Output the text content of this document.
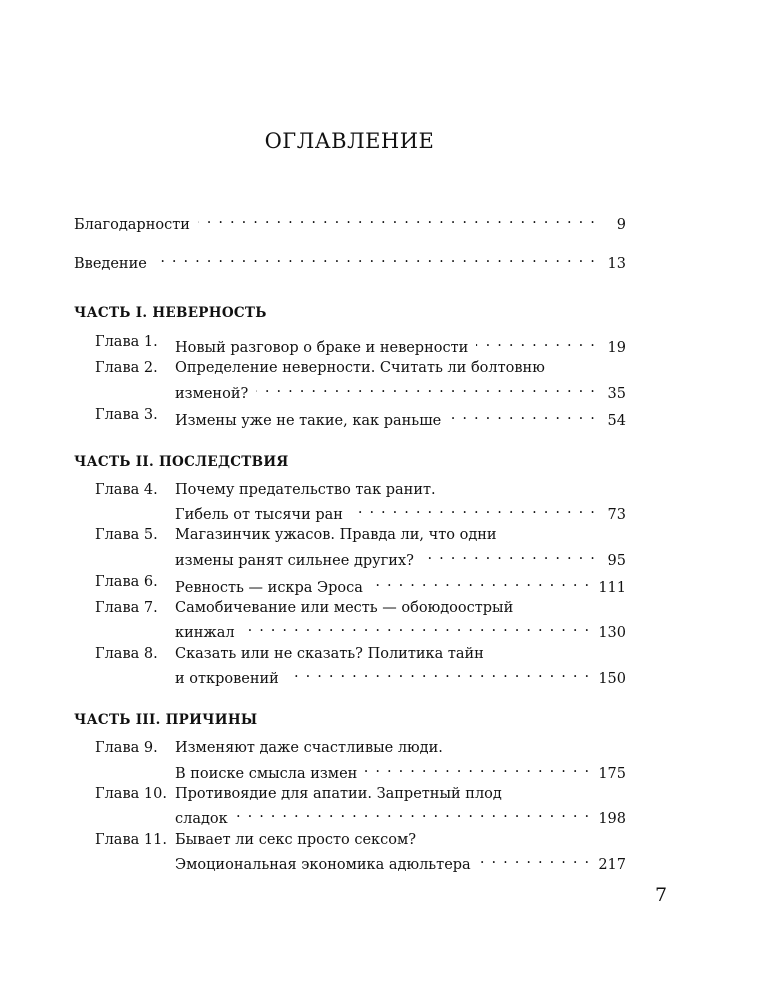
ОГЛАВЛЕНИЕ
Благодарности . . .	9
Введение . . .	13
ЧАСТЬ I. НЕВЕРНОСТЬ
Глава 1. Новый разговор о браке и неверности . . .	19
Глава 2. Определение неверности. Считать ли болтовню
изменой? . . .	35
Глава 3. Измены уже не такие, как раньше . . .	54
ЧАСТЬ II. ПОСЛЕДСТВИЯ
Глава 4. Почему предательство так ранит.
Гибель от тысячи ран . . .	73
Глава 5. Магазинчик ужасов. Правда ли, что одни
измены ранят сильнее других? . . .	95
Глава 6. Ревность — искра Эроса . . .	111
Глава 7. Самобичевание или месть — обоюдоострый
кинжал . . .	130
Глава 8. Сказать или не сказать? Политика тайн
и откровений . . .	150
ЧАСТЬ III. ПРИЧИНЫ
Глава 9. Изменяют даже счастливые люди.
В поиске смысла измен . . .	175
Глава 10. Противоядие для апатии. Запретный плод
сладок . . .	198
Глава 11. Бывает ли секс просто сексом?
Эмоциональная экономика адюльтера . . .	217
7
